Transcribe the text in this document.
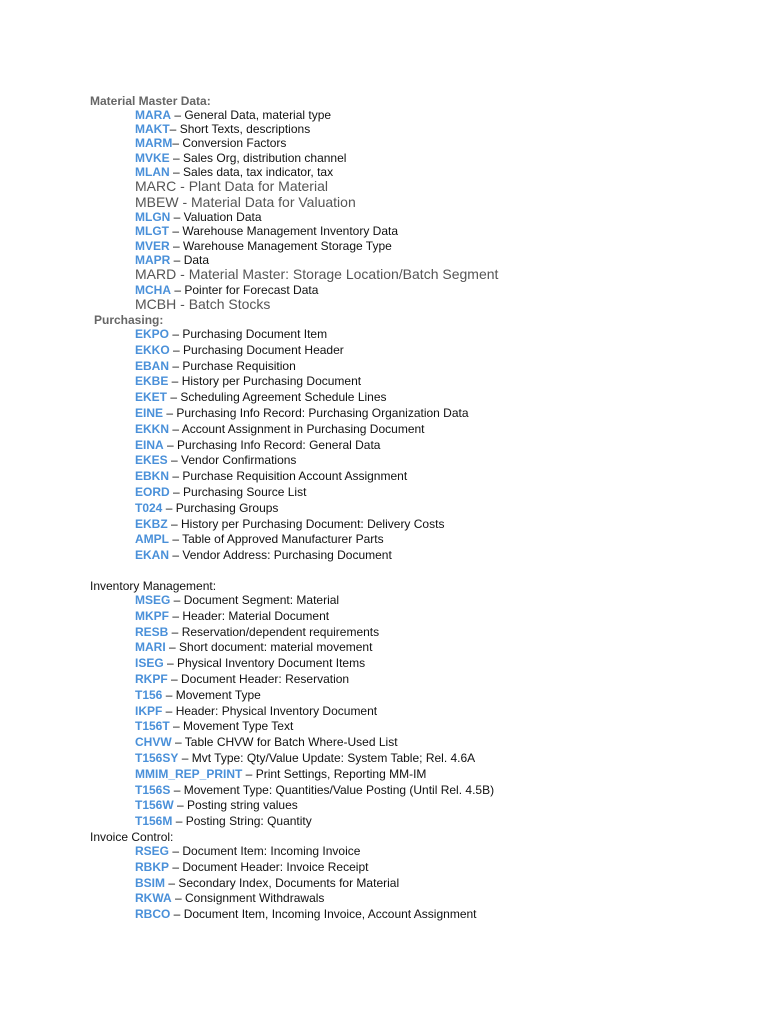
Material Master Data:
MARA – General Data, material type
MAKT– Short Texts, descriptions
MARM– Conversion Factors
MVKE – Sales Org, distribution channel
MLAN – Sales data, tax indicator, tax
MARC - Plant Data for Material
MBEW - Material Data for Valuation
MLGN – Valuation Data
MLGT – Warehouse Management Inventory Data
MVER – Warehouse Management Storage Type
MAPR – Data
MARD - Material Master: Storage Location/Batch Segment
MCHA – Pointer for Forecast Data
MCBH - Batch Stocks
Purchasing:
EKPO – Purchasing Document Item
EKKO – Purchasing Document Header
EBAN – Purchase Requisition
EKBE – History per Purchasing Document
EKET – Scheduling Agreement Schedule Lines
EINE – Purchasing Info Record: Purchasing Organization Data
EKKN – Account Assignment in Purchasing Document
EINA – Purchasing Info Record: General Data
EKES – Vendor Confirmations
EBKN – Purchase Requisition Account Assignment
EORD – Purchasing Source List
T024 – Purchasing Groups
EKBZ – History per Purchasing Document: Delivery Costs
AMPL – Table of Approved Manufacturer Parts
EKAN – Vendor Address: Purchasing Document
Inventory Management:
MSEG – Document Segment: Material
MKPF – Header: Material Document
RESB – Reservation/dependent requirements
MARI – Short document: material movement
ISEG – Physical Inventory Document Items
RKPF – Document Header: Reservation
T156 – Movement Type
IKPF – Header: Physical Inventory Document
T156T – Movement Type Text
CHVW – Table CHVW for Batch Where-Used List
T156SY – Mvt Type: Qty/Value Update: System Table; Rel. 4.6A
MMIM_REP_PRINT – Print Settings, Reporting MM-IM
T156S – Movement Type: Quantities/Value Posting (Until Rel. 4.5B)
T156W – Posting string values
T156M – Posting String: Quantity
Invoice Control:
RSEG – Document Item: Incoming Invoice
RBKP – Document Header: Invoice Receipt
BSIM – Secondary Index, Documents for Material
RKWA – Consignment Withdrawals
RBCO – Document Item, Incoming Invoice, Account Assignment
